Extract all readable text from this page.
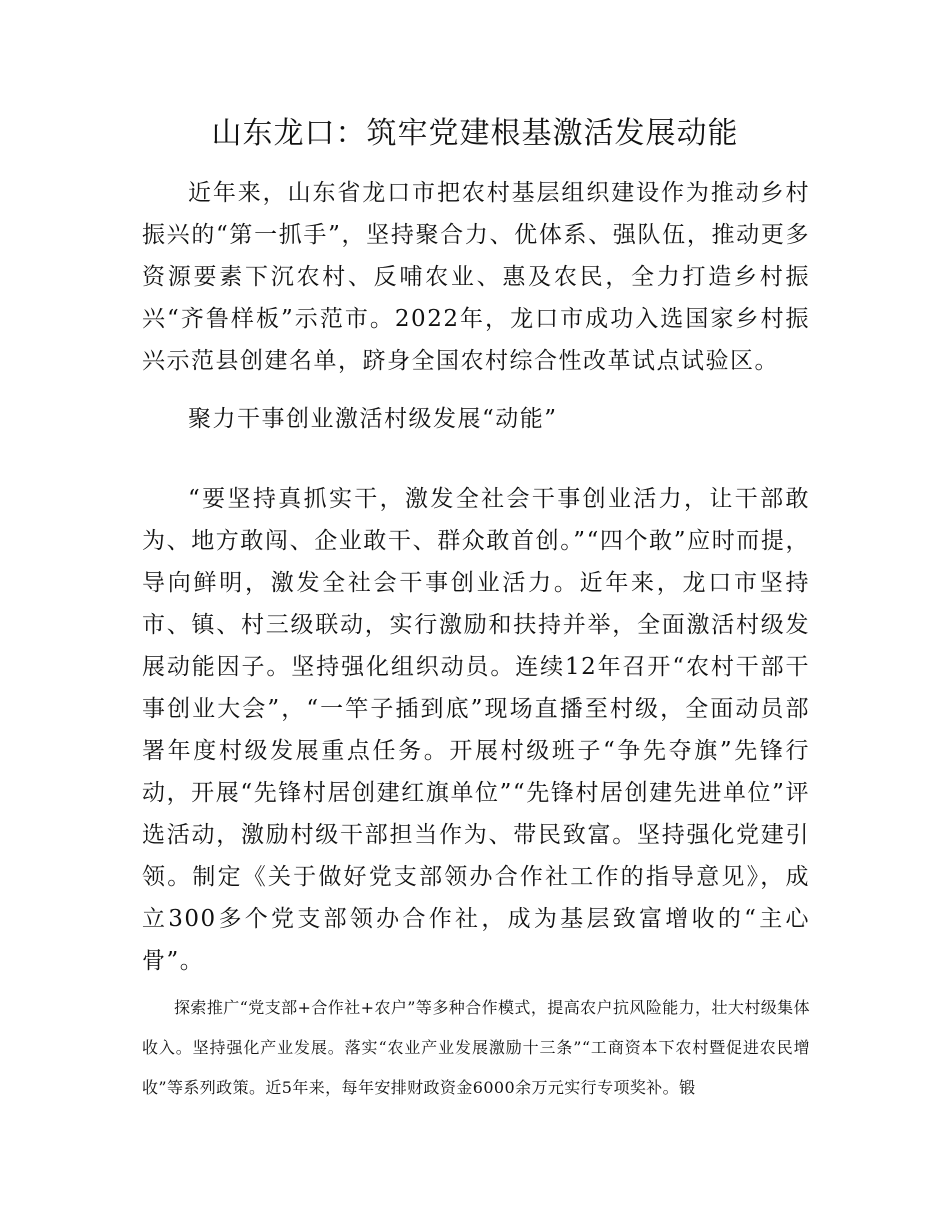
山东龙口：筑牢党建根基激活发展动能

近年来，山东省龙口市把农村基层组织建设作为推动乡村振兴的“第一抓手”，坚持聚合力、优体系、强队伍，推动更多资源要素下沉农村、反哺农业、惠及农民，全力打造乡村振兴“齐鲁样板”示范市。2022年，龙口市成功入选国家乡村振兴示范县创建名单，跻身全国农村综合性改革试点试验区。

聚力干事创业激活村级发展“动能”

“要坚持真抓实干，激发全社会干事创业活力，让干部敢为、地方敢闯、企业敢干、群众敢首创。”“四个敢”应时而提，导向鲜明，激发全社会干事创业活力。近年来，龙口市坚持市、镇、村三级联动，实行激励和扶持并举，全面激活村级发展动能因子。坚持强化组织动员。连续12年召开“农村干部干事创业大会”，“一竿子插到底”现场直播至村级，全面动员部署年度村级发展重点任务。开展村级班子“争先夺旗”先锋行动，开展“先锋村居创建红旗单位”“先锋村居创建先进单位”评选活动，激励村级干部担当作为、带民致富。坚持强化党建引领。制定《关于做好党支部领办合作社工作的指导意见》，成立300多个党支部领办合作社，成为基层致富增收的“主心骨”。

探索推广“党支部+合作社+农户”等多种合作模式，提高农户抗风险能力，壮大村级集体收入。坚持强化产业发展。落实“农业产业发展激励十三条”“工商资本下农村暨促进农民增收”等系列政策。近5年来，每年安排财政资金6000余万元实行专项奖补。锻
